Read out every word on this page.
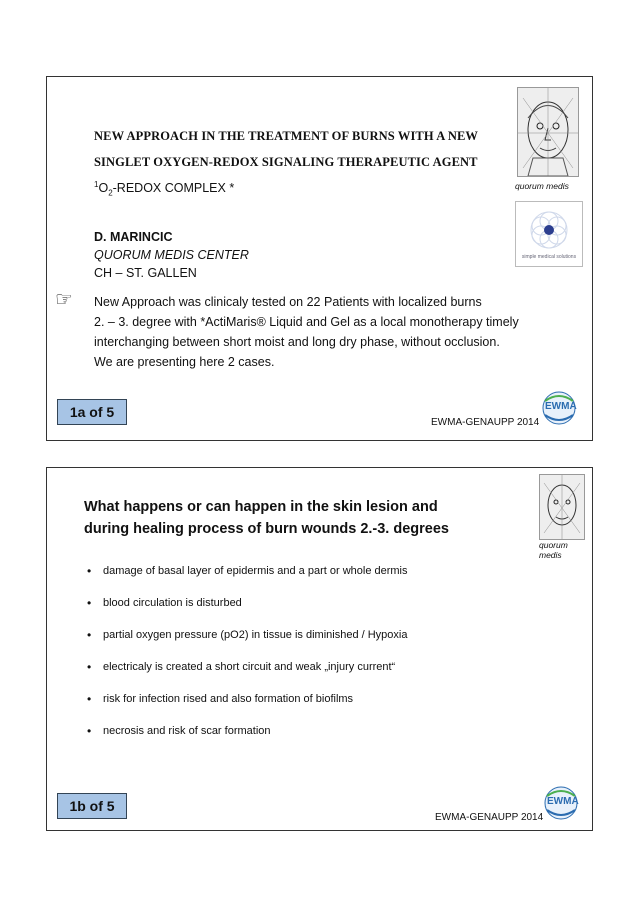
NEW APPROACH IN THE TREATMENT OF BURNS WITH A NEW
SINGLET OXYGEN-REDOX SIGNALING THERAPEUTIC AGENT
$^1O_2$-REDOX COMPLEX *
D. MARINCIC
QUORUM MEDIS CENTER
CH – ST. GALLEN
☞ New Approach was clinicaly tested on 22 Patients with localized burns
2. – 3. degree with *ActiMaris® Liquid and Gel as a local monotherapy timely
interchanging between short moist and long dry phase, without occlusion.
We are presenting here 2 cases.
quorum medis
simple medical solutions
1a of 5
EWMA-GENAUPP 2014
EWMA
What happens or can happen in the skin lesion and
during healing process of burn wounds 2.-3. degrees
quorum medis
• damage of basal layer of epidermis and a part or whole dermis
• blood circulation is disturbed
• partial oxygen pressure (pO2) in tissue is diminished / Hypoxia
• electricaly is created a short circuit and weak „injury current“
• risk for infection rised and also formation of biofilms
• necrosis and risk of scar formation
1b of 5
EWMA-GENAUPP 2014
EWMA
